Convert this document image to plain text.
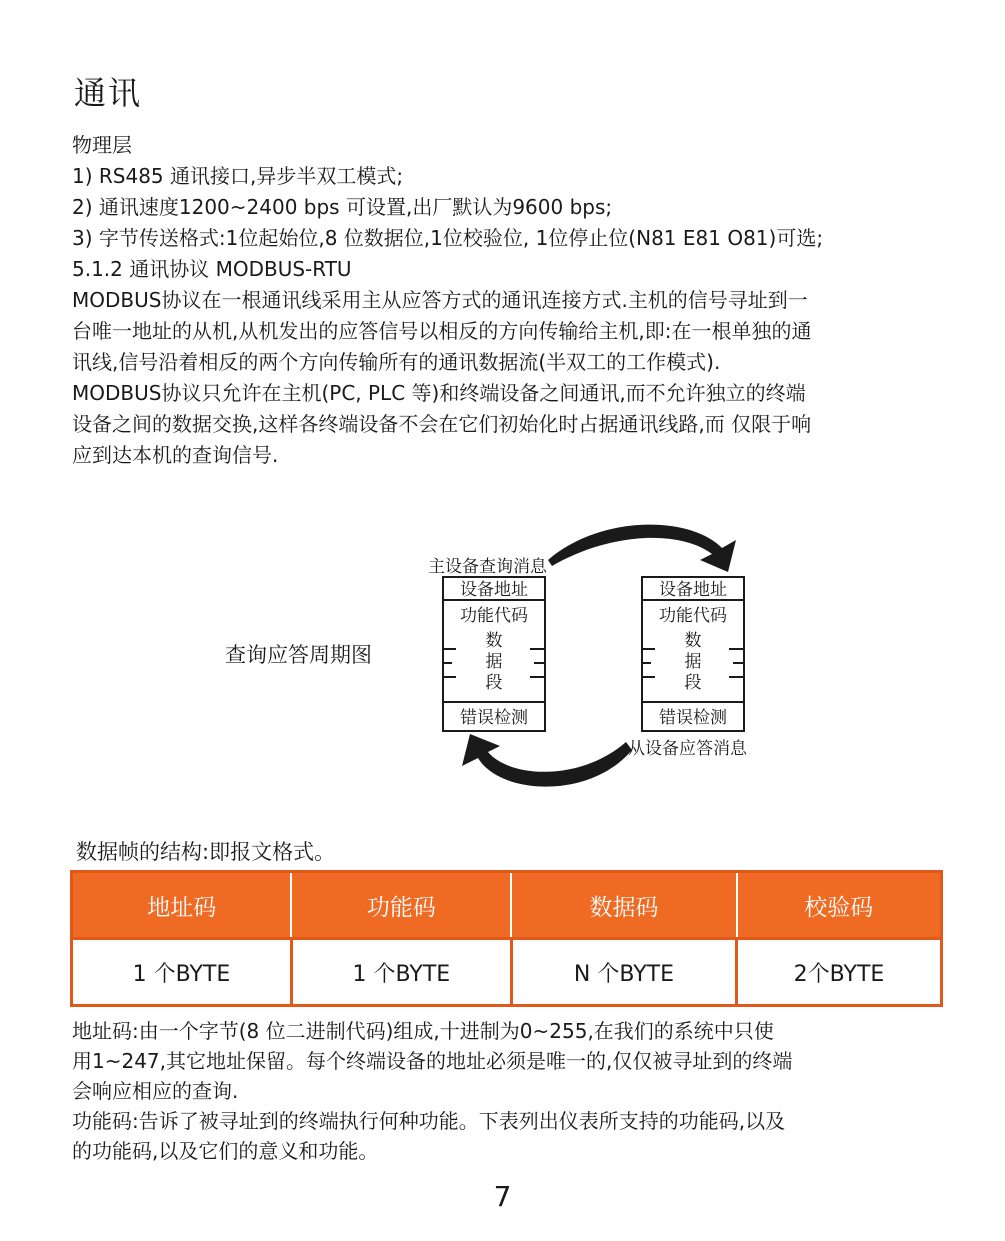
通讯
物理层
1) RS485 通讯接口,异步半双工模式;
2) 通讯速度1200~2400 bps 可设置,出厂默认为9600 bps;
3) 字节传送格式:1位起始位,8 位数据位,1位校验位, 1位停止位(N81 E81 O81)可选;
5.1.2 通讯协议 MODBUS-RTU
MODBUS协议在一根通讯线采用主从应答方式的通讯连接方式.主机的信号寻址到一
台唯一地址的从机,从机发出的应答信号以相反的方向传输给主机,即:在一根单独的通
讯线,信号沿着相反的两个方向传输所有的通讯数据流(半双工的工作模式).
MODBUS协议只允许在主机(PC, PLC 等)和终端设备之间通讯,而不允许独立的终端
设备之间的数据交换,这样各终端设备不会在它们初始化时占据通讯线路,而 仅限于响
应到达本机的查询信号.
查询应答周期图
主设备查询消息
从设备应答消息
设备地址
功能代码
数
据
段
错误检测
设备地址
功能代码
数
据
段
错误检测
数据帧的结构:即报文格式。
地址码	功能码	数据码	校验码
1 个BYTE	1 个BYTE	N 个BYTE	2个BYTE
地址码:由一个字节(8 位二进制代码)组成,十进制为0~255,在我们的系统中只使
用1~247,其它地址保留。每个终端设备的地址必须是唯一的,仅仅被寻址到的终端
会响应相应的查询.
功能码:告诉了被寻址到的终端执行何种功能。下表列出仪表所支持的功能码,以及
的功能码,以及它们的意义和功能。
7
